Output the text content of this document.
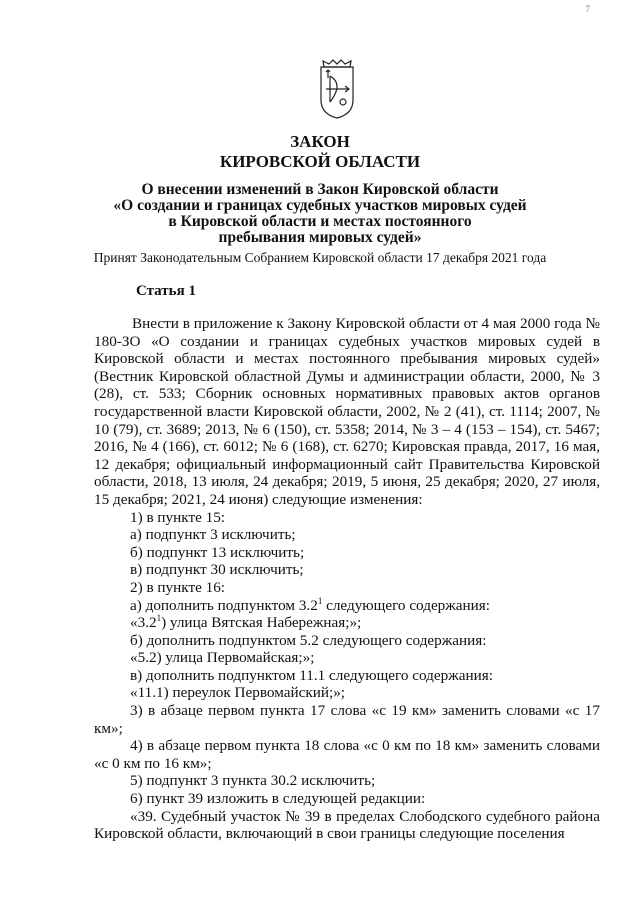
7
ЗАКОН
КИРОВСКОЙ ОБЛАСТИ
О внесении изменений в Закон Кировской области
«О создании и границах судебных участков мировых судей
в Кировской области и местах постоянного
пребывания мировых судей»
Принят Законодательным Собранием Кировской области 17 декабря 2021 года
Статья 1

Внести в приложение к Закону Кировской области от 4 мая 2000 года № 180-ЗО «О создании и границах судебных участков мировых судей в Кировской области и местах постоянного пребывания мировых судей» (Вестник Кировской областной Думы и администрации области, 2000, № 3 (28), ст. 533; Сборник основных нормативных правовых актов органов государственной власти Кировской области, 2002, № 2 (41), ст. 1114; 2007, № 10 (79), ст. 3689; 2013, № 6 (150), ст. 5358; 2014, № 3 – 4 (153 – 154), ст. 5467; 2016, № 4 (166), ст. 6012; № 6 (168), ст. 6270; Кировская правда, 2017, 16 мая, 12 декабря; официальный информационный сайт Правительства Кировской области, 2018, 13 июля, 24 декабря; 2019, 5 июня, 25 декабря; 2020, 27 июля, 15 декабря; 2021, 24 июня) следующие изменения:

1) в пункте 15:

а) подпункт 3 исключить;

б) подпункт 13 исключить;

в) подпункт 30 исключить;

2) в пункте 16:

а) дополнить подпунктом $3.2^1$ следующего содержания:

«$3.2^1$) улица Вятская Набережная;»;

б) дополнить подпунктом 5.2 следующего содержания:

«5.2) улица Первомайская;»;

в) дополнить подпунктом 11.1 следующего содержания:

«11.1) переулок Первомайский;»;

3) в абзаце первом пункта 17 слова «с 19 км» заменить словами «с 17 км»;

4) в абзаце первом пункта 18 слова «с 0 км по 18 км» заменить словами «с 0 км по 16 км»;

5) подпункт 3 пункта 30.2 исключить;

6) пункт 39 изложить в следующей редакции:

«39. Судебный участок № 39 в пределах Слободского судебного района Кировской области, включающий в свои границы следующие поселения
